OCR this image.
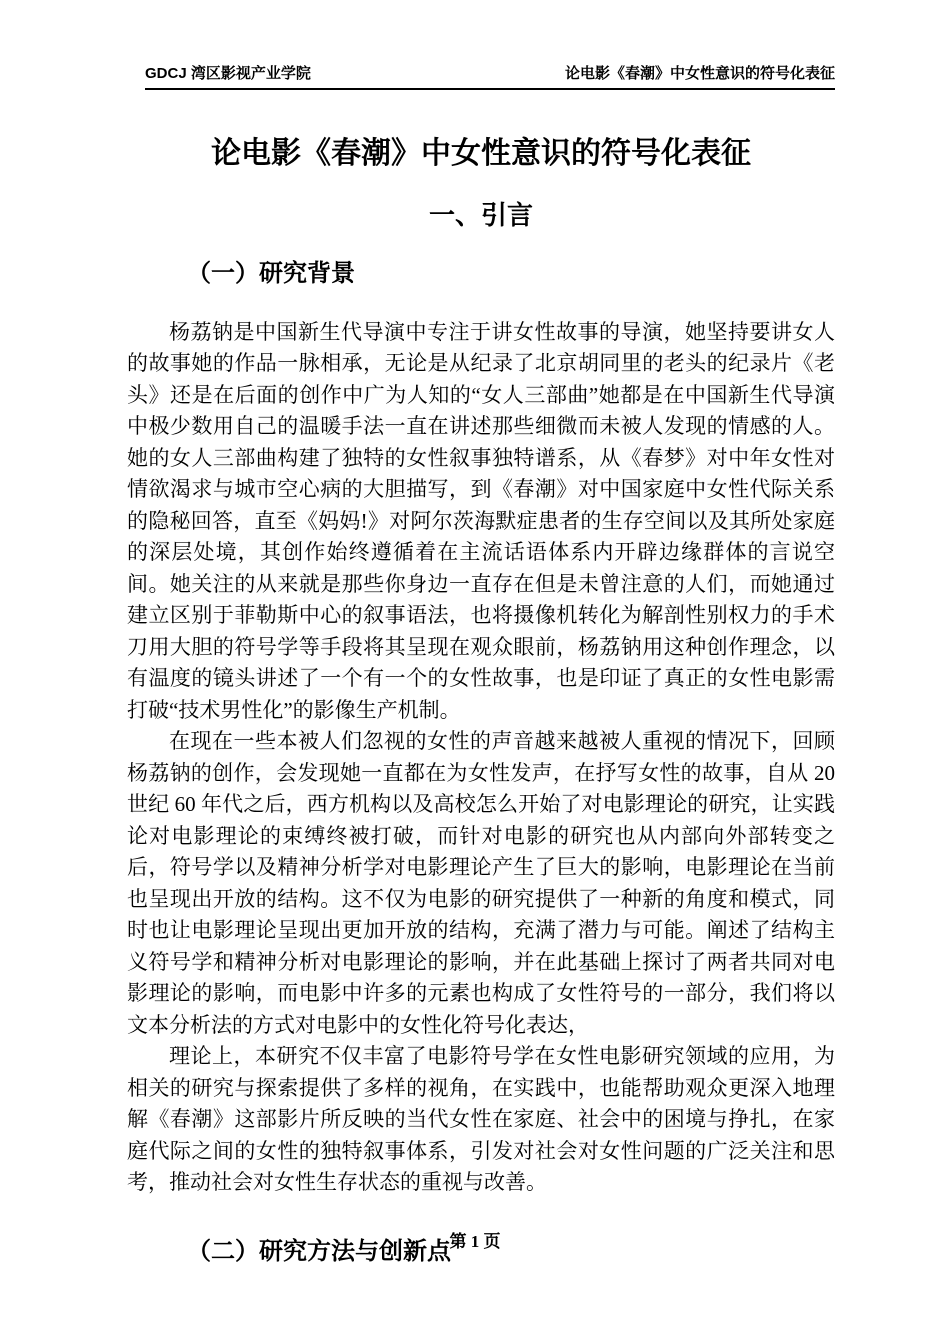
GDCJ 湾区影视产业学院	论电影《春潮》中女性意识的符号化表征
论电影《春潮》中女性意识的符号化表征
一、引言
（一）研究背景

杨荔钠是中国新生代导演中专注于讲女性故事的导演，她坚持要讲女人的故事她的作品一脉相承，无论是从纪录了北京胡同里的老头的纪录片《老头》还是在后面的创作中广为人知的“女人三部曲”她都是在中国新生代导演中极少数用自己的温暖手法一直在讲述那些细微而未被人发现的情感的人。她的女人三部曲构建了独特的女性叙事独特谱系，从《春梦》对中年女性对情欲渴求与城市空心病的大胆描写，到《春潮》对中国家庭中女性代际关系的隐秘回答，直至《妈妈!》对阿尔茨海默症患者的生存空间以及其所处家庭的深层处境，其创作始终遵循着在主流话语体系内开辟边缘群体的言说空间。她关注的从来就是那些你身边一直存在但是未曾注意的人们，而她通过建立区别于菲勒斯中心的叙事语法，也将摄像机转化为解剖性别权力的手术刀用大胆的符号学等手段将其呈现在观众眼前，杨荔钠用这种创作理念，以有温度的镜头讲述了一个有一个的女性故事，也是印证了真正的女性电影需打破“技术男性化”的影像生产机制。

在现在一些本被人们忽视的女性的声音越来越被人重视的情况下，回顾杨荔钠的创作，会发现她一直都在为女性发声，在抒写女性的故事，自从 20 世纪 60 年代之后，西方机构以及高校怎么开始了对电影理论的研究，让实践论对电影理论的束缚终被打破，而针对电影的研究也从内部向外部转变之后，符号学以及精神分析学对电影理论产生了巨大的影响，电影理论在当前也呈现出开放的结构。这不仅为电影的研究提供了一种新的角度和模式，同时也让电影理论呈现出更加开放的结构，充满了潜力与可能。阐述了结构主义符号学和精神分析对电影理论的影响，并在此基础上探讨了两者共同对电影理论的影响，而电影中许多的元素也构成了女性符号的一部分，我们将以文本分析法的方式对电影中的女性化符号化表达，

理论上，本研究不仅丰富了电影符号学在女性电影研究领域的应用，为相关的研究与探索提供了多样的视角，在实践中，也能帮助观众更深入地理解《春潮》这部影片所反映的当代女性在家庭、社会中的困境与挣扎，在家庭代际之间的女性的独特叙事体系，引发对社会对女性问题的广泛关注和思考，推动社会对女性生存状态的重视与改善。

（二）研究方法与创新点
第 1 页
